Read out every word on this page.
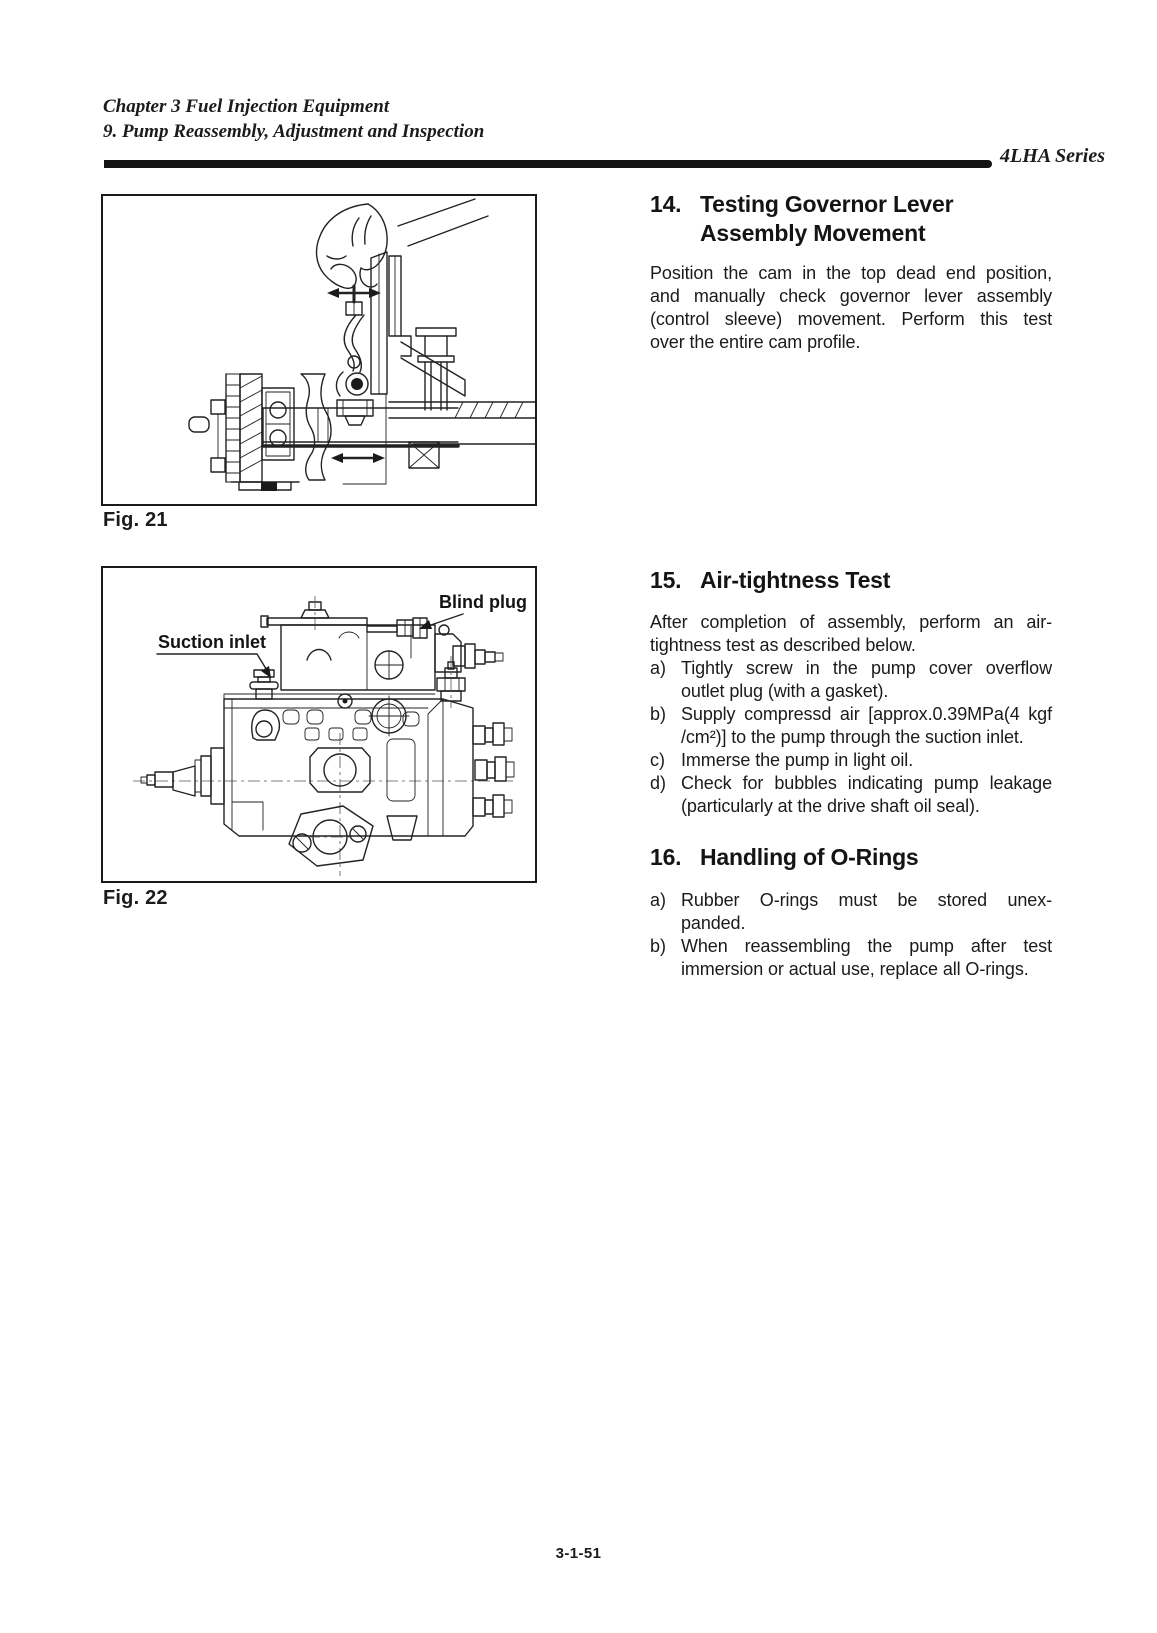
Chapter 3 Fuel Injection Equipment
9. Pump Reassembly, Adjustment and Inspection
4LHA Series
Fig. 21
Suction inlet
Blind plug
Fig. 22
14. Testing Governor Lever
Assembly Movement
Position the cam in the top dead end position,
and manually check governor lever assembly
(control sleeve) movement. Perform this test
over the entire cam profile.
15. Air-tightness Test
After completion of assembly, perform an air-
tightness test as described below.
a) Tightly screw in the pump cover overflow
outlet plug (with a gasket).
b) Supply compressd air [approx.0.39MPa(4 kgf
/cm²)] to the pump through the suction inlet.
c) Immerse the pump in light oil.
d) Check for bubbles indicating pump leakage
(particularly at the drive shaft oil seal).
16. Handling of O-Rings
a) Rubber O-rings must be stored unex-
panded.
b) When reassembling the pump after test
immersion or actual use, replace all O-rings.
3-1-51
